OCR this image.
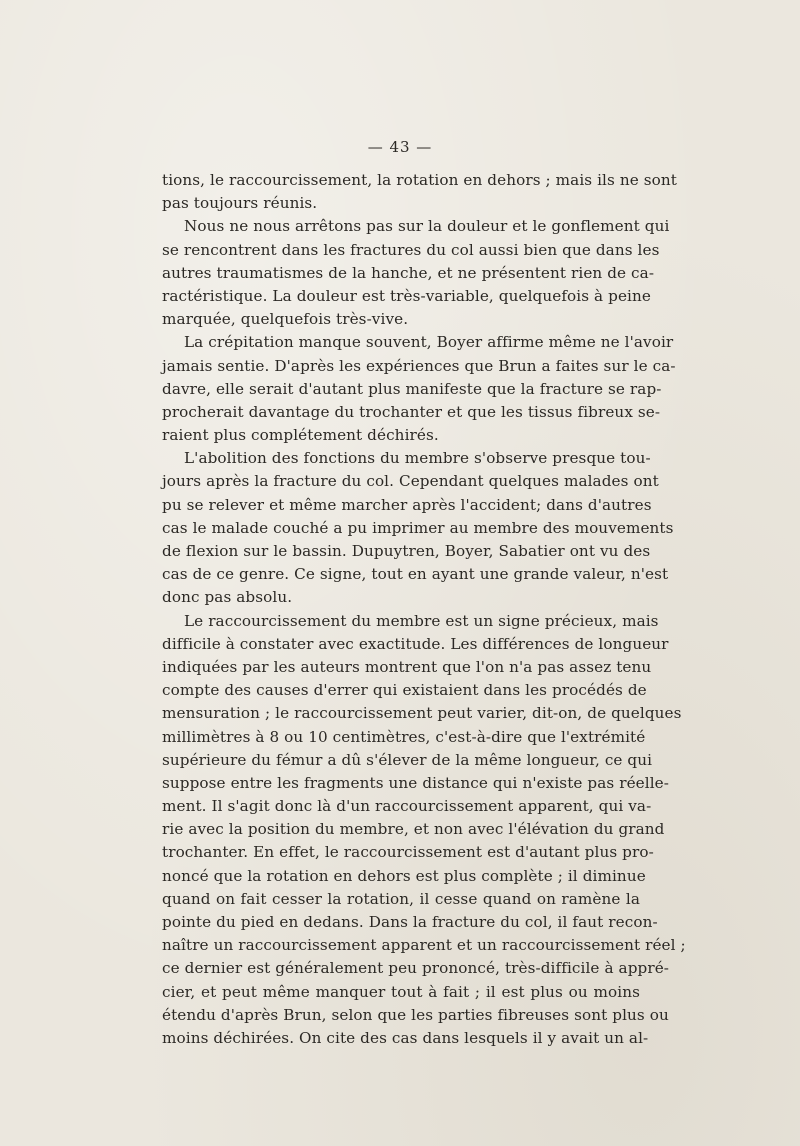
— 43 —
tions, le raccourcissement, la rotation en dehors ; mais ils ne sont
pas toujours réunis.
Nous ne nous arrêtons pas sur la douleur et le gonflement qui
se rencontrent dans les fractures du col aussi bien que dans les
autres traumatismes de la hanche, et ne présentent rien de ca-
ractéristique. La douleur est très-variable, quelquefois à peine
marquée, quelquefois très-vive.
La crépitation manque souvent, Boyer affirme même ne l'avoir
jamais sentie. D'après les expériences que Brun a faites sur le ca-
davre, elle serait d'autant plus manifeste que la fracture se rap-
procherait davantage du trochanter et que les tissus fibreux se-
raient plus complétement déchirés.
L'abolition des fonctions du membre s'observe presque tou-
jours après la fracture du col. Cependant quelques malades ont
pu se relever et même marcher après l'accident; dans d'autres
cas le malade couché a pu imprimer au membre des mouvements
de flexion sur le bassin. Dupuytren, Boyer, Sabatier ont vu des
cas de ce genre. Ce signe, tout en ayant une grande valeur, n'est
donc pas absolu.
Le raccourcissement du membre est un signe précieux, mais
difficile à constater avec exactitude. Les différences de longueur
indiquées par les auteurs montrent que l'on n'a pas assez tenu
compte des causes d'errer qui existaient dans les procédés de
mensuration ; le raccourcissement peut varier, dit-on, de quelques
millimètres à 8 ou 10 centimètres, c'est-à-dire que l'extrémité
supérieure du fémur a dû s'élever de la même longueur, ce qui
suppose entre les fragments une distance qui n'existe pas réelle-
ment. Il s'agit donc là d'un raccourcissement apparent, qui va-
rie avec la position du membre, et non avec l'élévation du grand
trochanter. En effet, le raccourcissement est d'autant plus pro-
noncé que la rotation en dehors est plus complète ; il diminue
quand on fait cesser la rotation, il cesse quand on ramène la
pointe du pied en dedans. Dans la fracture du col, il faut recon-
naître un raccourcissement apparent et un raccourcissement réel ;
ce dernier est généralement peu prononcé, très-difficile à appré-
cier, et peut même manquer tout à fait ; il est plus ou moins
étendu d'après Brun, selon que les parties fibreuses sont plus ou
moins déchirées. On cite des cas dans lesquels il y avait un al-
